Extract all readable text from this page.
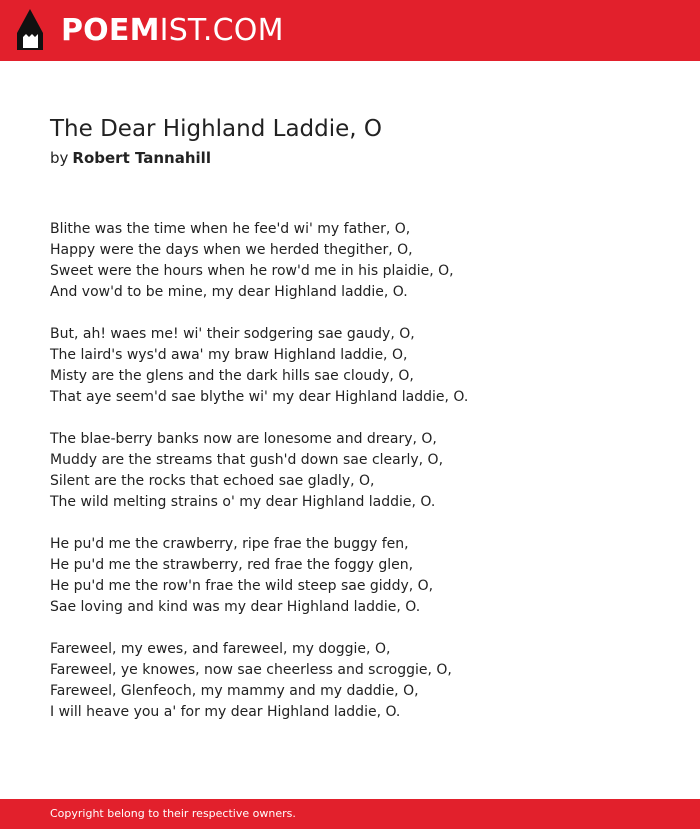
POEMIST.COM
The Dear Highland Laddie, O
by Robert Tannahill
Blithe was the time when he fee'd wi' my father, O,
Happy were the days when we herded thegither, O,
Sweet were the hours when he row'd me in his plaidie, O,
And vow'd to be mine, my dear Highland laddie, O.
But, ah! waes me! wi' their sodgering sae gaudy, O,
The laird's wys'd awa' my braw Highland laddie, O,
Misty are the glens and the dark hills sae cloudy, O,
That aye seem'd sae blythe wi' my dear Highland laddie, O.
The blae-berry banks now are lonesome and dreary, O,
Muddy are the streams that gush'd down sae clearly, O,
Silent are the rocks that echoed sae gladly, O,
The wild melting strains o' my dear Highland laddie, O.
He pu'd me the crawberry, ripe frae the buggy fen,
He pu'd me the strawberry, red frae the foggy glen,
He pu'd me the row'n frae the wild steep sae giddy, O,
Sae loving and kind was my dear Highland laddie, O.
Fareweel, my ewes, and fareweel, my doggie, O,
Fareweel, ye knowes, now sae cheerless and scroggie, O,
Fareweel, Glenfeoch, my mammy and my daddie, O,
I will heave you a' for my dear Highland laddie, O.
Copyright belong to their respective owners.
